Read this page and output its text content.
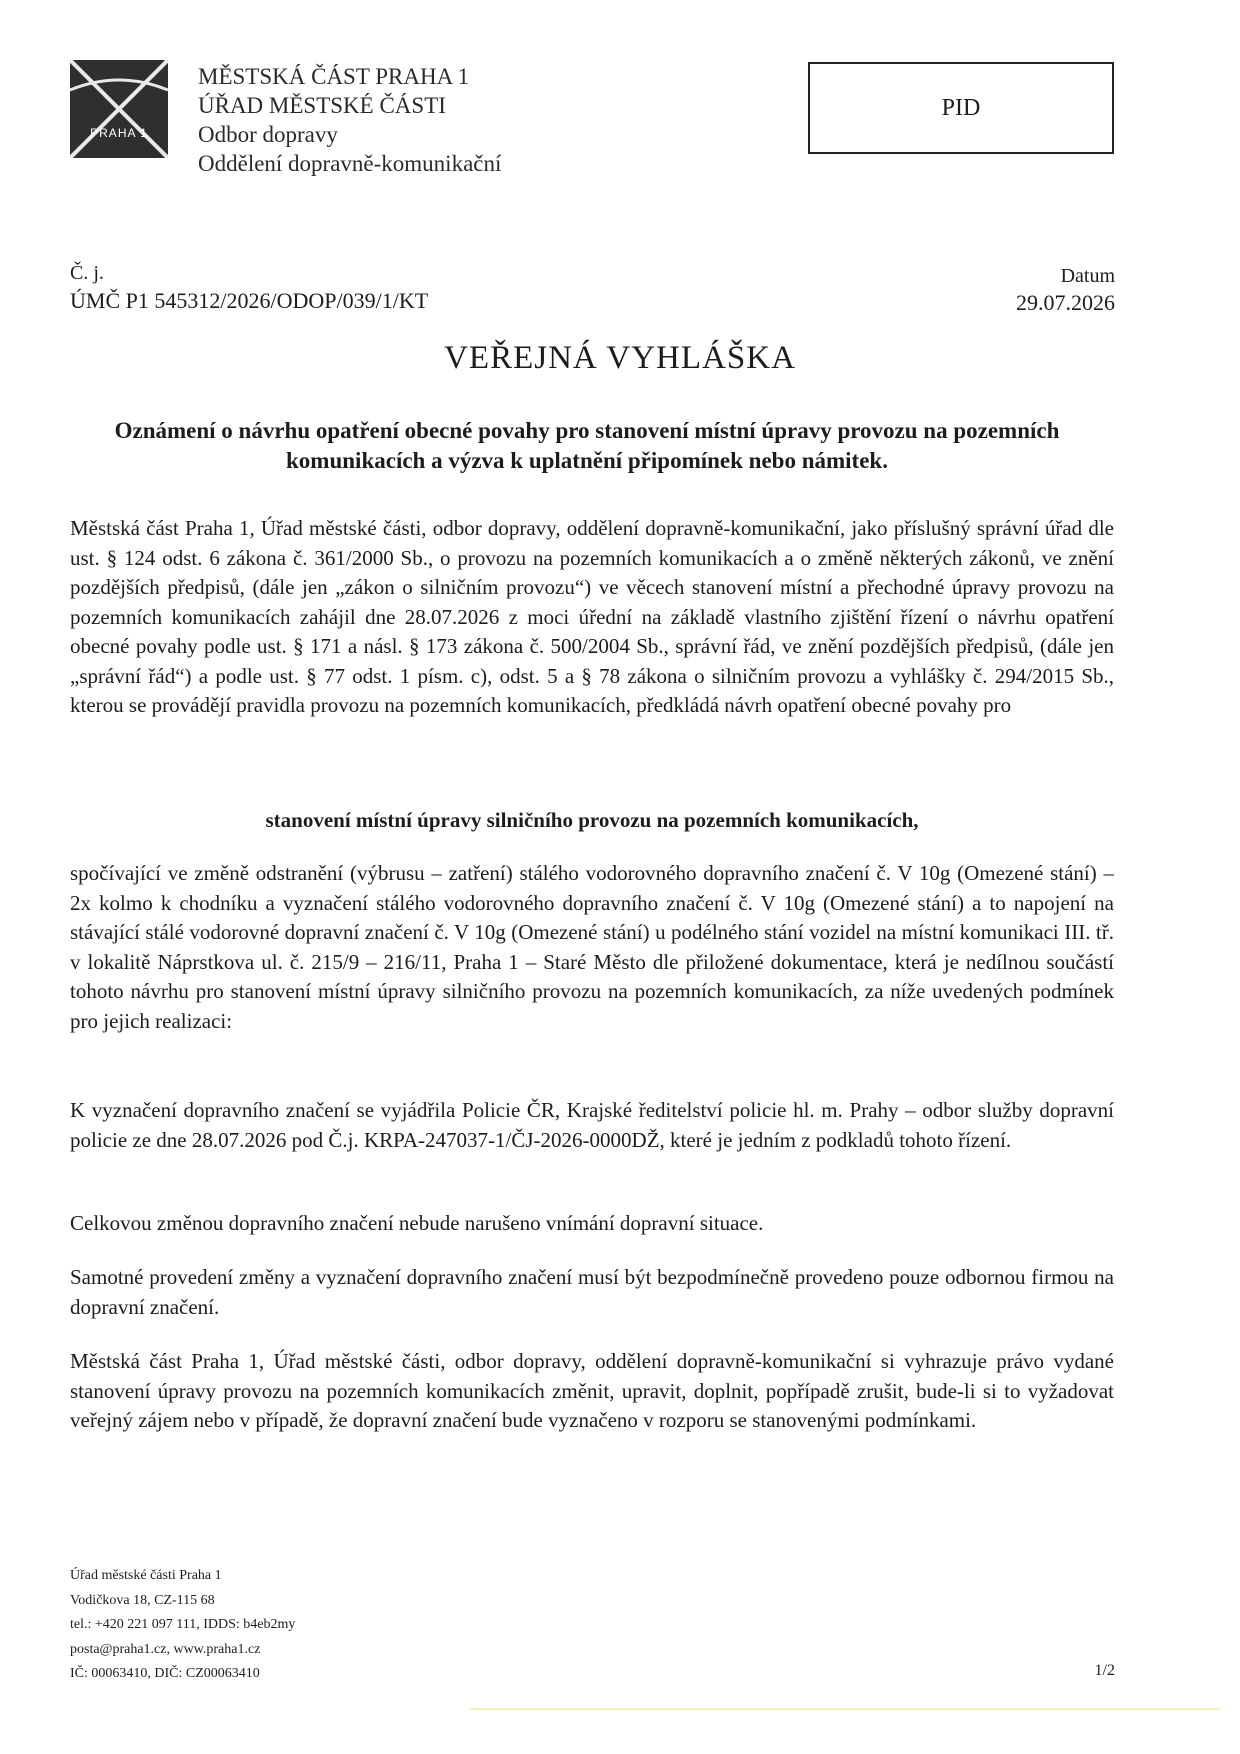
PRAHA 1
MĚSTSKÁ ČÁST PRAHA 1
ÚŘAD MĚSTSKÉ ČÁSTI
Odbor dopravy
Oddělení dopravně-komunikační
PID
Č. j.
ÚMČ P1 545312/2026/ODOP/039/1/KT
Datum
29.07.2026
VEŘEJNÁ VYHLÁŠKA
Oznámení o návrhu opatření obecné povahy pro stanovení místní úpravy provozu na pozemních komunikacích a výzva k uplatnění připomínek nebo námitek.
Městská část Praha 1, Úřad městské části, odbor dopravy, oddělení dopravně-komunikační, jako příslušný správní úřad dle ust. § 124 odst. 6 zákona č. 361/2000 Sb., o provozu na pozemních komunikacích a o změně některých zákonů, ve znění pozdějších předpisů, (dále jen „zákon o silničním provozu“) ve věcech stanovení místní a přechodné úpravy provozu na pozemních komunikacích zahájil dne 28.07.2026 z moci úřední na základě vlastního zjištění řízení o návrhu opatření obecné povahy podle ust. § 171 a násl. § 173 zákona č. 500/2004 Sb., správní řád, ve znění pozdějších předpisů, (dále jen „správní řád“) a podle ust. § 77 odst. 1 písm. c), odst. 5 a § 78 zákona o silničním provozu a vyhlášky č. 294/2015 Sb., kterou se provádějí pravidla provozu na pozemních komunikacích, předkládá návrh opatření obecné povahy pro
stanovení místní úpravy silničního provozu na pozemních komunikacích,
spočívající ve změně odstranění (výbrusu – zatření) stálého vodorovného dopravního značení č. V 10g (Omezené stání) – 2x kolmo k chodníku a vyznačení stálého vodorovného dopravního značení č. V 10g (Omezené stání) a to napojení na stávající stálé vodorovné dopravní značení č. V 10g (Omezené stání) u podélného stání vozidel na místní komunikaci III. tř. v lokalitě Náprstkova ul. č. 215/9 – 216/11, Praha 1 – Staré Město dle přiložené dokumentace, která je nedílnou součástí tohoto návrhu pro stanovení místní úpravy silničního provozu na pozemních komunikacích, za níže uvedených podmínek pro jejich realizaci:
K vyznačení dopravního značení se vyjádřila Policie ČR, Krajské ředitelství policie hl. m. Prahy – odbor služby dopravní policie ze dne 28.07.2026 pod Č.j. KRPA-247037-1/ČJ-2026-0000DŽ, které je jedním z podkladů tohoto řízení.
Celkovou změnou dopravního značení nebude narušeno vnímání dopravní situace.
Samotné provedení změny a vyznačení dopravního značení musí být bezpodmínečně provedeno pouze odbornou firmou na dopravní značení.
Městská část Praha 1, Úřad městské části, odbor dopravy, oddělení dopravně-komunikační si vyhrazuje právo vydané stanovení úpravy provozu na pozemních komunikacích změnit, upravit, doplnit, popřípadě zrušit, bude-li si to vyžadovat veřejný zájem nebo v případě, že dopravní značení bude vyznačeno v rozporu se stanovenými podmínkami.
Úřad městské části Praha 1
Vodičkova 18, CZ-115 68
tel.: +420 221 097 111, IDDS: b4eb2my
posta@praha1.cz, www.praha1.cz
IČ: 00063410, DIČ: CZ00063410	1/2
